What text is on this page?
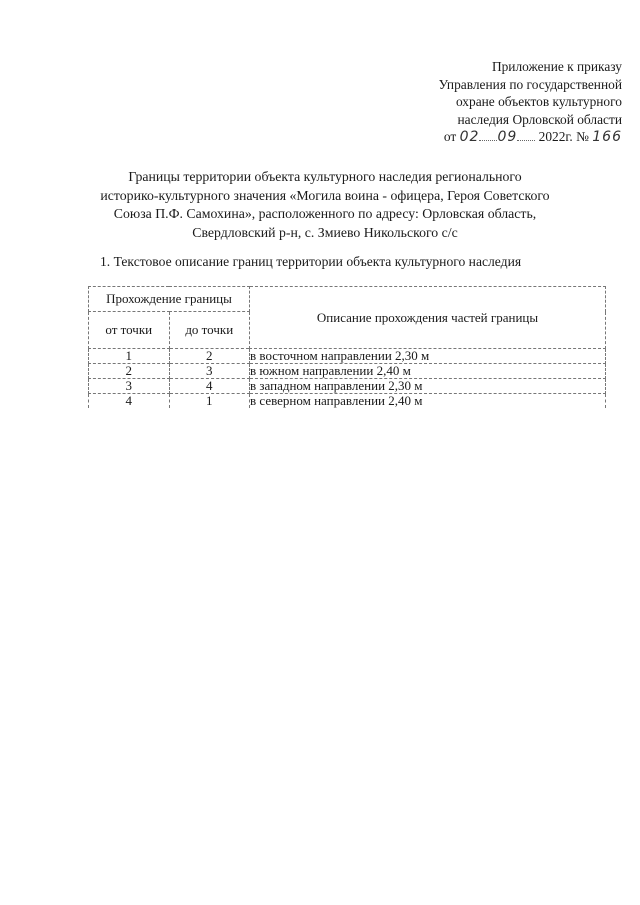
Приложение к приказу
Управления по государственной
охране объектов культурного
наследия Орловской области
от 02 09 2022г. № 166
Границы территории объекта культурного наследия регионального
историко-культурного значения «Могила воина - офицера, Героя Советского
Союза П.Ф. Самохина», расположенного по адресу: Орловская область,
Свердловский р-н, с. Змиево Никольского с/с
1. Текстовое описание границ территории объекта культурного наследия
Прохождение границы		Описание прохождения частей границы
от точки	до точки	
1	2	в восточном направлении 2,30 м
2	3	в южном направлении 2,40 м
3	4	в западном направлении 2,30 м
4	1	в северном направлении 2,40 м
